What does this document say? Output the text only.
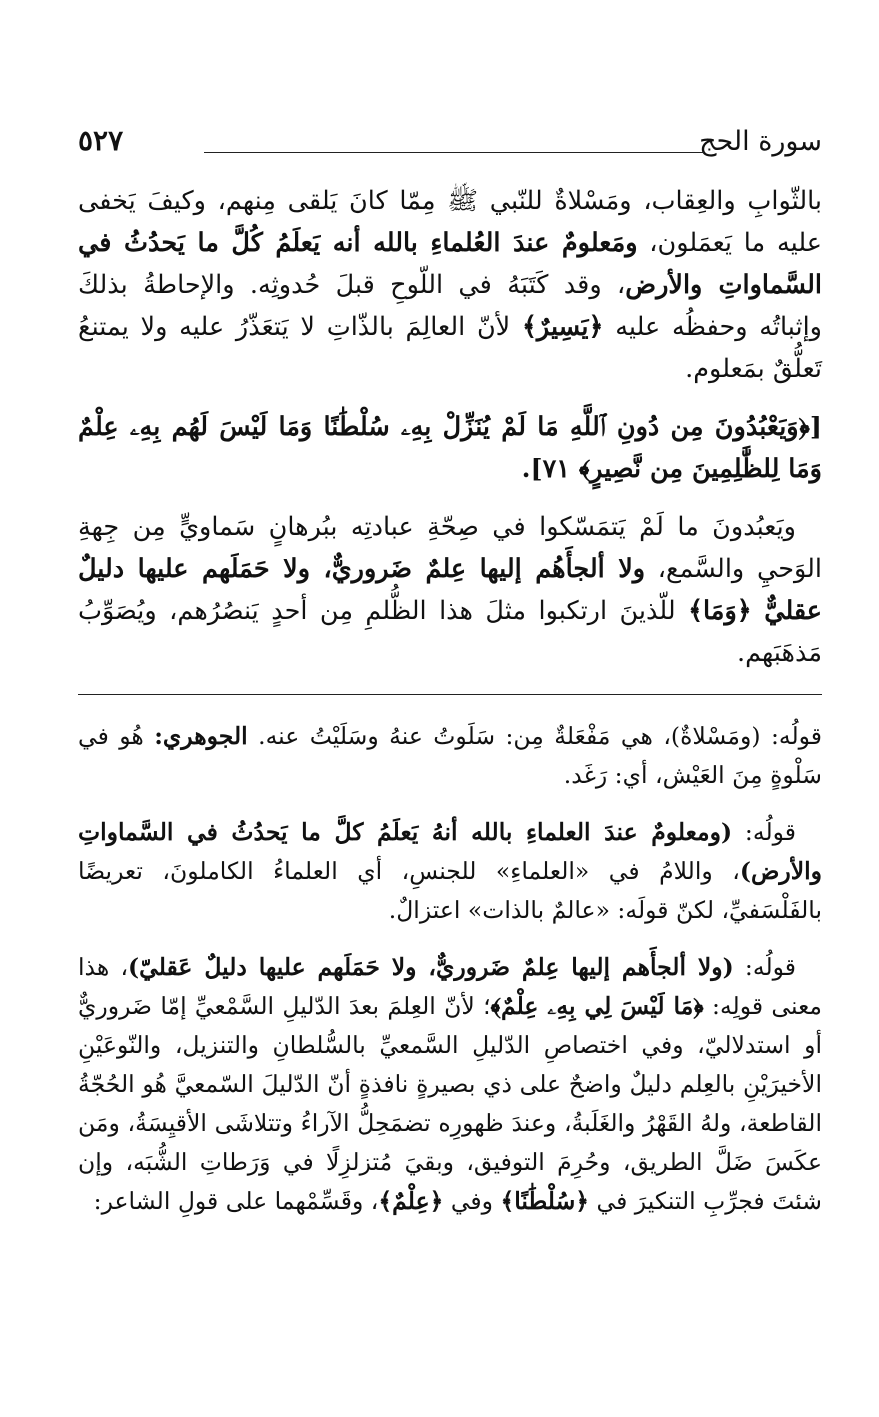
سورة الحج
٥٢٧

بالثّوابِ والعِقاب، ومَسْلاةٌ للنّبي ﷺ مِمّا كانَ يَلقى مِنهم، وكيفَ يَخفى عليه ما يَعمَلون، ومَعلومٌ عندَ العُلماءِ بالله أنه يَعلَمُ كُلَّ ما يَحدُثُ في السَّماواتِ والأرض، وقد كَتَبَهُ في اللّوحِ قبلَ حُدوثِه. والإحاطةُ بذلكَ وإثباتُه وحفظُه عليه ﴿يَسِيرٌ﴾ لأنّ العالِمَ بالذّاتِ لا يَتعَذّرُ عليه ولا يمتنعُ تَعلُّقٌ بمَعلوم.

[﴿وَيَعْبُدُونَ مِن دُونِ ٱللَّهِ مَا لَمْ يُنَزِّلْ بِهِۦ سُلْطَٰنًا وَمَا لَيْسَ لَهُم بِهِۦ عِلْمٌ وَمَا لِلظَّٰلِمِينَ مِن نَّصِيرٍ﴾ ٧١].

ويَعبُدونَ ما لَمْ يَتمَسّكوا في صِحّةِ عبادتِه ببُرهانٍ سَماويٍّ مِن جِهةِ الوَحيِ والسَّمع، ولا ألجأَهُم إليها عِلمٌ ضَروريٌّ، ولا حَمَلَهم عليها دليلٌ عقليٌّ ﴿وَمَا﴾ للّذينَ ارتكبوا مثلَ هذا الظُّلمِ مِن أحدٍ يَنصُرُهم، ويُصَوِّبُ مَذهَبَهم.

قولُه: (ومَسْلاةٌ)، هي مَفْعَلةٌ مِن: سَلَوتُ عنهُ وسَلَيْتُ عنه. الجوهري: هُو في سَلْوةٍ مِنَ العَيْش، أي: رَغَد.

قولُه: (ومعلومٌ عندَ العلماءِ بالله أنهُ يَعلَمُ كلَّ ما يَحدُثُ في السَّماواتِ والأرض)، واللامُ في «العلماءِ» للجنسِ، أي العلماءُ الكاملونَ، تعريضًا بالفَلْسَفيِّ، لكنّ قولَه: «عالمٌ بالذات» اعتزالٌ.

قولُه: (ولا ألجأَهم إليها عِلمٌ ضَروريٌّ، ولا حَمَلَهم عليها دليلٌ عَقليّ)، هذا معنى قولِه: ﴿مَا لَيْسَ لِي بِهِۦ عِلْمٌ﴾؛ لأنّ العِلمَ بعدَ الدّليلِ السَّمْعيِّ إمّا ضَروريٌّ أو استدلاليّ، وفي اختصاصِ الدّليلِ السَّمعيِّ بالسُّلطانِ والتنزيل، والنّوعَيْنِ الأخيرَيْنِ بالعِلم دليلٌ واضحٌ على ذي بصيرةٍ نافذةٍ أنّ الدّليلَ السّمعيَّ هُو الحُجّةُ القاطعة، ولهُ القَهْرُ والغَلَبةُ، وعندَ ظهورِه تضمَحِلُّ الآراءُ وتتلاشَى الأقيِسَةُ، ومَن عكَسَ ضَلَّ الطريق، وحُرِمَ التوفيق، وبقيَ مُتزلزِلًا في وَرَطاتِ الشُّبَه، وإن شئتَ فجرِّبِ التنكيرَ في ﴿سُلْطَٰنًا﴾ وفي ﴿عِلْمٌ﴾، وقَسِّمْهما على قولِ الشاعر:
